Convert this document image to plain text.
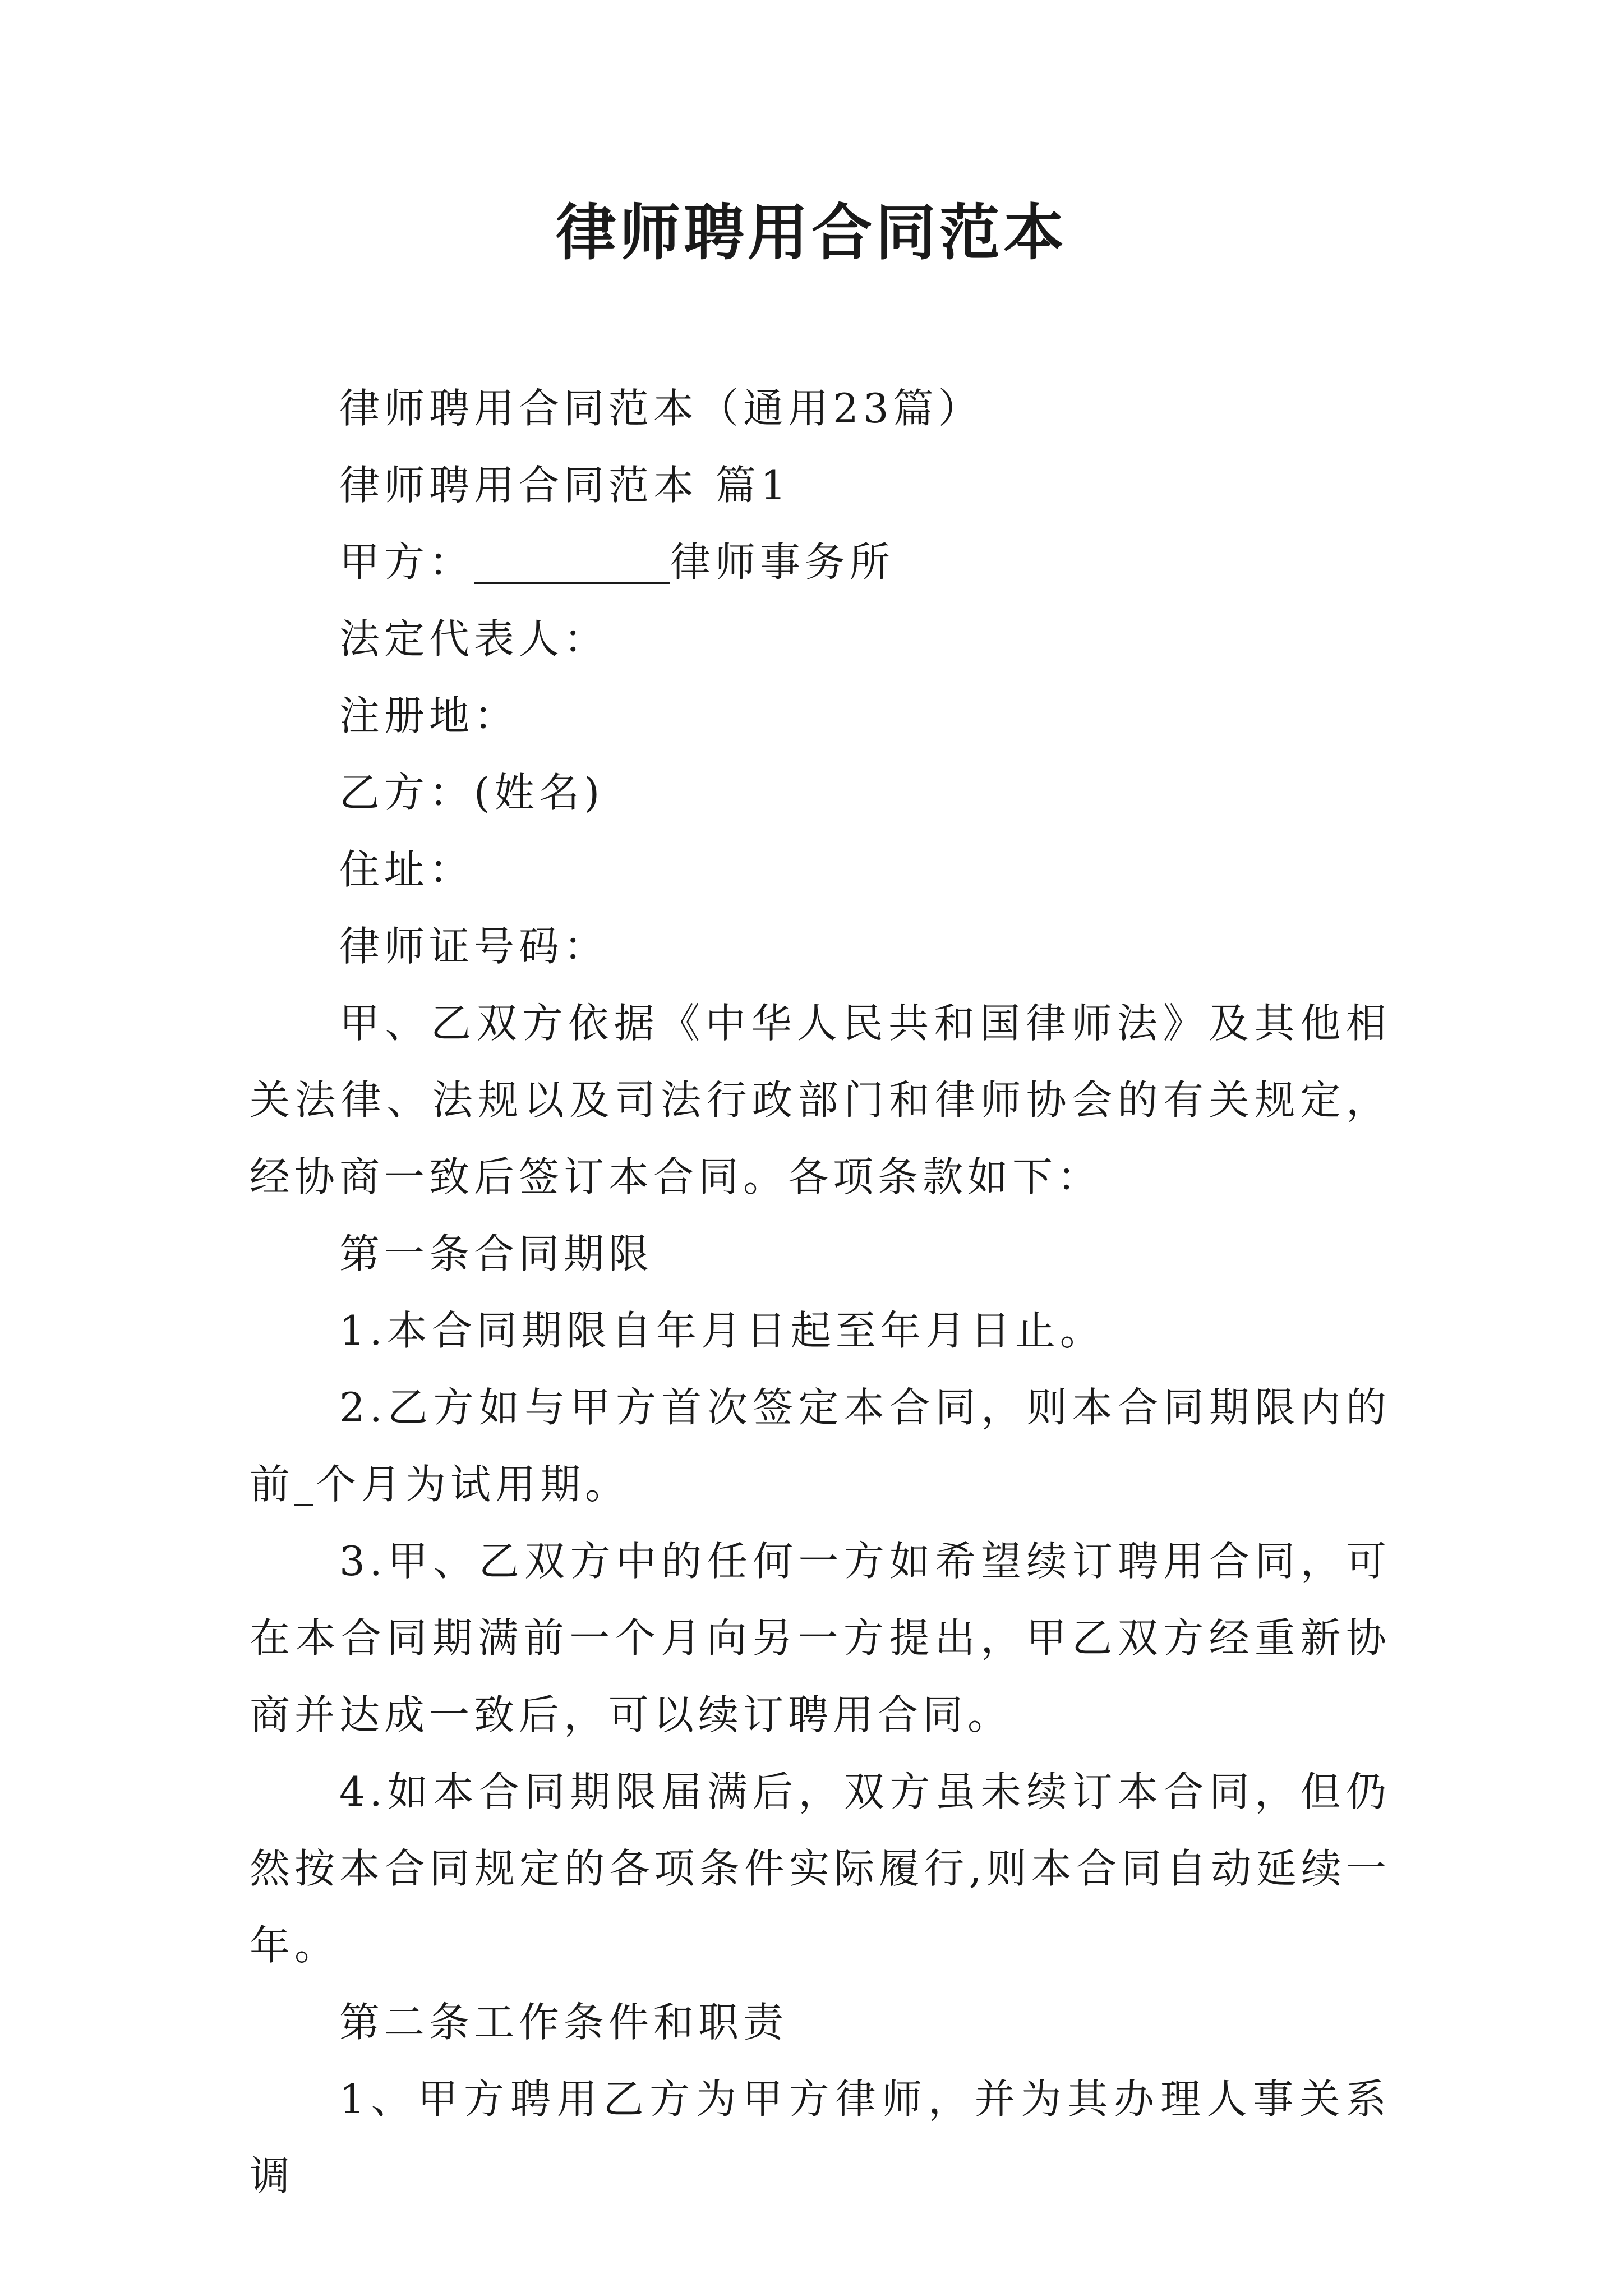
律师聘用合同范本
律师聘用合同范本（通用23篇）
律师聘用合同范本 篇1
甲方：	律师事务所
法定代表人：
注册地：
乙方：(姓名)
住址：
律师证号码：

甲、乙双方依据《中华人民共和国律师法》及其他相关法律、法规以及司法行政部门和律师协会的有关规定，经协商一致后签订本合同。各项条款如下：

第一条合同期限

1.本合同期限自年月日起至年月日止。

2.乙方如与甲方首次签定本合同，则本合同期限内的前 个月为试用期。

3.甲、乙双方中的任何一方如希望续订聘用合同，可在本合同期满前一个月向另一方提出，甲乙双方经重新协商并达成一致后，可以续订聘用合同。

4.如本合同期限届满后，双方虽未续订本合同，但仍然按本合同规定的各项条件实际履行,则本合同自动延续一年。

第二条工作条件和职责

1、甲方聘用乙方为甲方律师，并为其办理人事关系调
